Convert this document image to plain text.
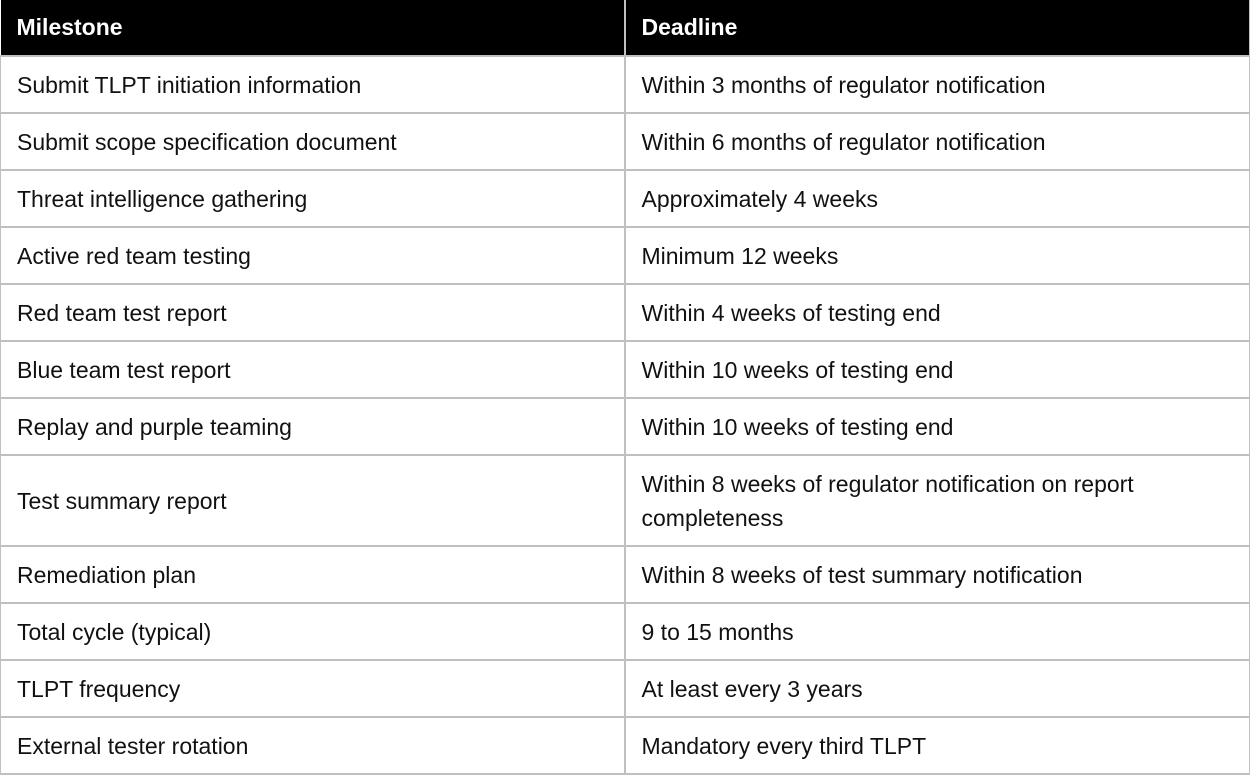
Milestone	Deadline
Submit TLPT initiation information	Within 3 months of regulator notification
Submit scope specification document	Within 6 months of regulator notification
Threat intelligence gathering	Approximately 4 weeks
Active red team testing	Minimum 12 weeks
Red team test report	Within 4 weeks of testing end
Blue team test report	Within 10 weeks of testing end
Replay and purple teaming	Within 10 weeks of testing end
Test summary report	Within 8 weeks of regulator notification on report completeness
Remediation plan	Within 8 weeks of test summary notification
Total cycle (typical)	9 to 15 months
TLPT frequency	At least every 3 years
External tester rotation	Mandatory every third TLPT
